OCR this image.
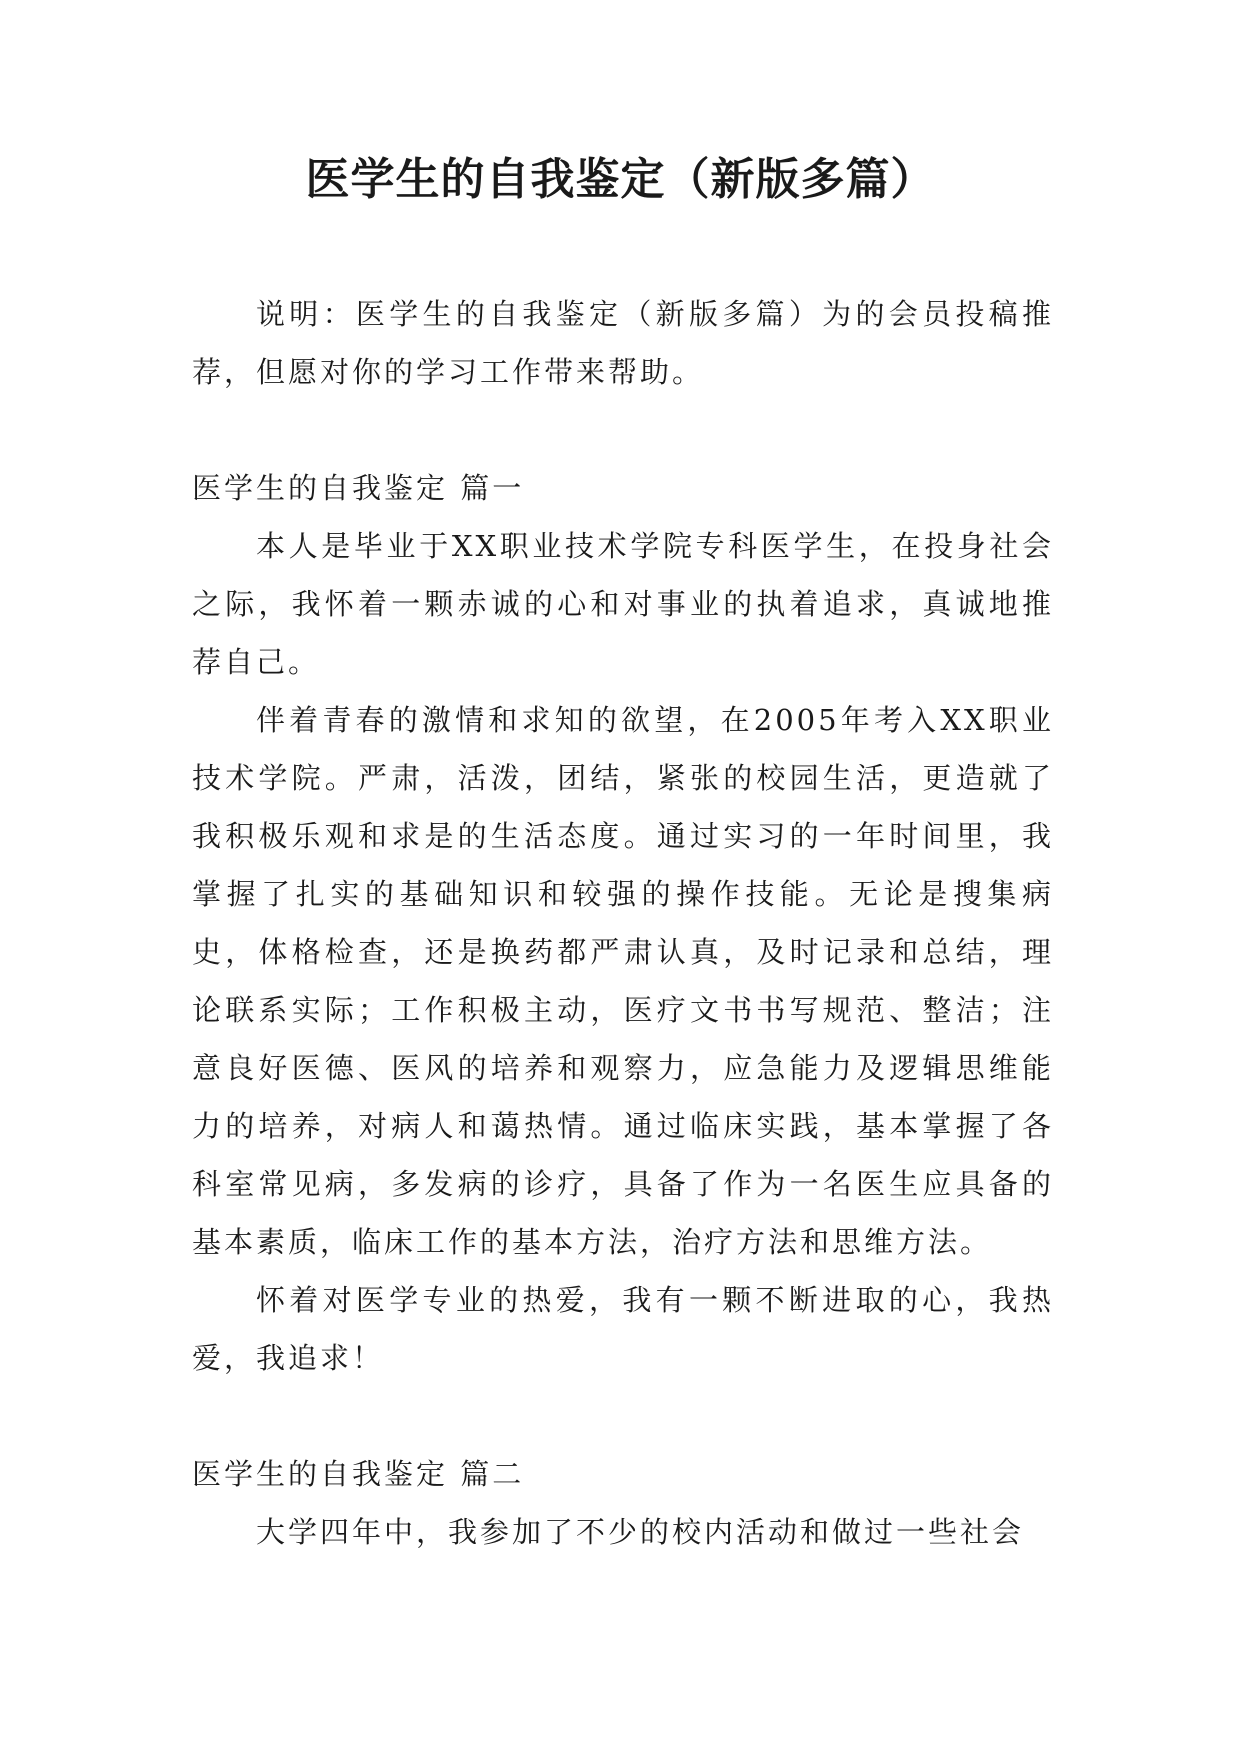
医学生的自我鉴定（新版多篇）

说明：医学生的自我鉴定（新版多篇）为的会员投稿推荐，但愿对你的学习工作带来帮助。

医学生的自我鉴定 篇一

本人是毕业于XX职业技术学院专科医学生，在投身社会之际，我怀着一颗赤诚的心和对事业的执着追求，真诚地推荐自己。

伴着青春的激情和求知的欲望，在2005年考入XX职业技术学院。严肃，活泼，团结，紧张的校园生活，更造就了我积极乐观和求是的生活态度。通过实习的一年时间里，我掌握了扎实的基础知识和较强的操作技能。无论是搜集病史，体格检查，还是换药都严肃认真，及时记录和总结，理论联系实际；工作积极主动，医疗文书书写规范、整洁；注意良好医德、医风的培养和观察力，应急能力及逻辑思维能力的培养，对病人和蔼热情。通过临床实践，基本掌握了各科室常见病，多发病的诊疗，具备了作为一名医生应具备的基本素质，临床工作的基本方法，治疗方法和思维方法。

怀着对医学专业的热爱，我有一颗不断进取的心，我热爱，我追求！

医学生的自我鉴定 篇二

大学四年中，我参加了不少的校内活动和做过一些社会
